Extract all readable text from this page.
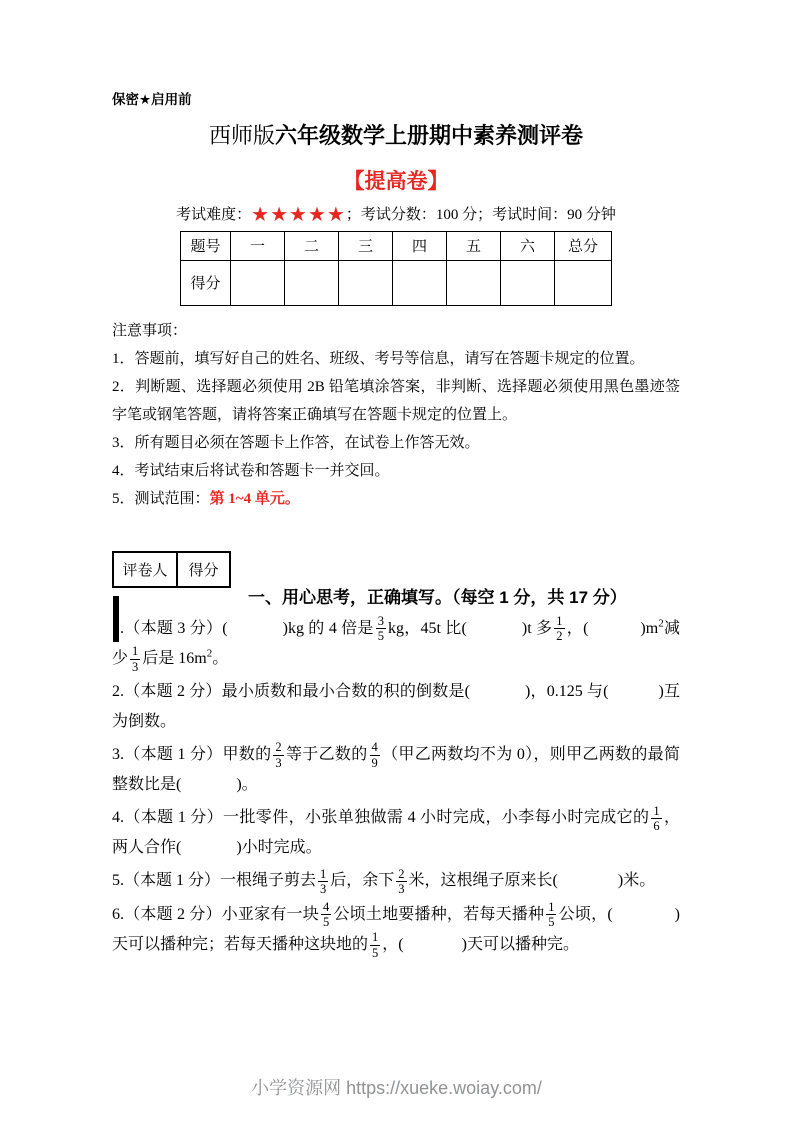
保密★启用前
西师版六年级数学上册期中素养测评卷
【提高卷】
考试难度：★★★★★；考试分数：100 分；考试时间：90 分钟
题号	一	二	三	四	五	六	总分
得分							

注意事项：

1．答题前，填写好自己的姓名、班级、考号等信息，请写在答题卡规定的位置。

2．判断题、选择题必须使用 2B 铅笔填涂答案，非判断、选择题必须使用黑色墨迹签字笔或钢笔答题，请将答案正确填写在答题卡规定的位置上。

3．所有题目必须在答题卡上作答，在试卷上作答无效。

4．考试结束后将试卷和答题卡一并交回。

5．测试范围：第 1~4 单元。

评卷人	得分

一、用心思考，正确填写。（每空 1 分，共 17 分）

1.（本题 3 分）(	)kg 的 4 倍是 $\frac{3}{5}$ kg，45t 比(	)t 多 $\frac{1}{2}$ ，(	)$m^2$减少 $\frac{1}{3}$ 后是 $16m^2$。

2.（本题 2 分）最小质数和最小合数的积的倒数是(	)，0.125 与(	)互为倒数。

3.（本题 1 分）甲数的 $\frac{2}{3}$ 等于乙数的 $\frac{4}{9}$ （甲乙两数均不为 0），则甲乙两数的最简整数比是(	)。

4.（本题 1 分）一批零件，小张单独做需 4 小时完成，小李每小时完成它的 $\frac{1}{6}$ ，两人合作(	)小时完成。

5.（本题 1 分）一根绳子剪去 $\frac{1}{3}$ 后，余下 $\frac{2}{3}$ 米，这根绳子原来长(	)米。

6.（本题 2 分）小亚家有一块 $\frac{4}{5}$ 公顷土地要播种，若每天播种 $\frac{1}{5}$ 公顷，(	)天可以播种完；若每天播种这块地的 $\frac{1}{5}$ ，(	)天可以播种完。

小学资源网 https://xueke.woiay.com/
